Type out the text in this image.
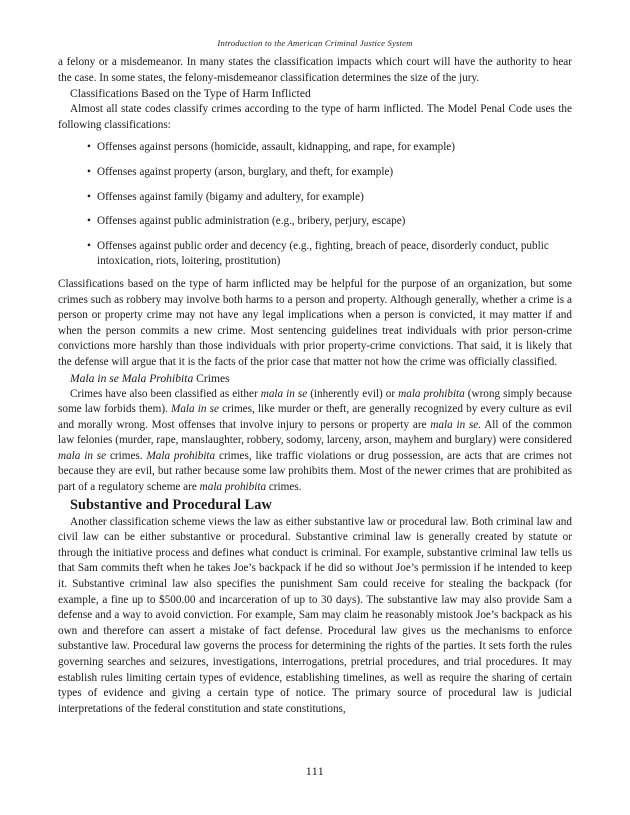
Introduction to the American Criminal Justice System

a felony or a misdemeanor. In many states the classification impacts which court will have the authority to hear the case. In some states, the felony-misdemeanor classification determines the size of the jury.

Classifications Based on the Type of Harm Inflicted

Almost all state codes classify crimes according to the type of harm inflicted. The Model Penal Code uses the following classifications:

• Offenses against persons (homicide, assault, kidnapping, and rape, for example)
• Offenses against property (arson, burglary, and theft, for example)
• Offenses against family (bigamy and adultery, for example)
• Offenses against public administration (e.g., bribery, perjury, escape)
• Offenses against public order and decency (e.g., fighting, breach of peace, disorderly conduct, public intoxication, riots, loitering, prostitution)

Classifications based on the type of harm inflicted may be helpful for the purpose of an organization, but some crimes such as robbery may involve both harms to a person and property. Although generally, whether a crime is a person or property crime may not have any legal implications when a person is convicted, it may matter if and when the person commits a new crime. Most sentencing guidelines treat individuals with prior person-crime convictions more harshly than those individuals with prior property-crime convictions. That said, it is likely that the defense will argue that it is the facts of the prior case that matter not how the crime was officially classified.

Mala in se Mala Prohibita Crimes

Crimes have also been classified as either mala in se (inherently evil) or mala prohibita (wrong simply because some law forbids them). Mala in se crimes, like murder or theft, are generally recognized by every culture as evil and morally wrong. Most offenses that involve injury to persons or property are mala in se. All of the common law felonies (murder, rape, manslaughter, robbery, sodomy, larceny, arson, mayhem and burglary) were considered mala in se crimes. Mala prohibita crimes, like traffic violations or drug possession, are acts that are crimes not because they are evil, but rather because some law prohibits them. Most of the newer crimes that are prohibited as part of a regulatory scheme are mala prohibita crimes.

Substantive and Procedural Law

Another classification scheme views the law as either substantive law or procedural law. Both criminal law and civil law can be either substantive or procedural. Substantive criminal law is generally created by statute or through the initiative process and defines what conduct is criminal. For example, substantive criminal law tells us that Sam commits theft when he takes Joe’s backpack if he did so without Joe’s permission if he intended to keep it. Substantive criminal law also specifies the punishment Sam could receive for stealing the backpack (for example, a fine up to $500.00 and incarceration of up to 30 days). The substantive law may also provide Sam a defense and a way to avoid conviction. For example, Sam may claim he reasonably mistook Joe’s backpack as his own and therefore can assert a mistake of fact defense. Procedural law gives us the mechanisms to enforce substantive law. Procedural law governs the process for determining the rights of the parties. It sets forth the rules governing searches and seizures, investigations, interrogations, pretrial procedures, and trial procedures. It may establish rules limiting certain types of evidence, establishing timelines, as well as require the sharing of certain types of evidence and giving a certain type of notice. The primary source of procedural law is judicial interpretations of the federal constitution and state constitutions,

111
